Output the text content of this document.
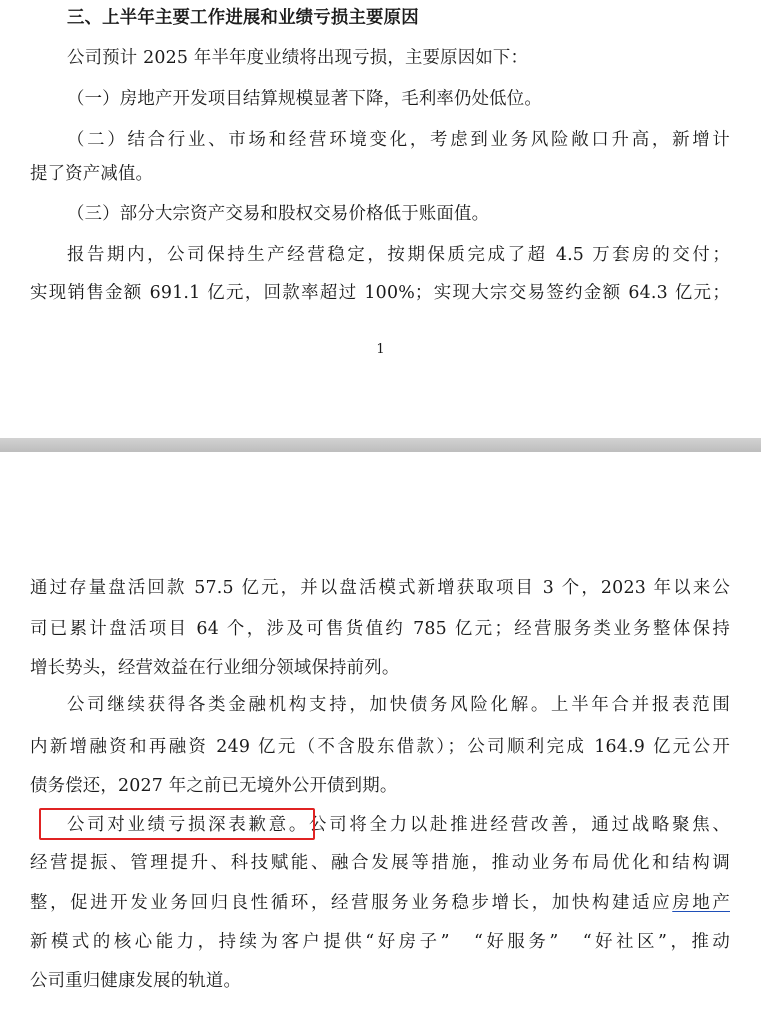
三、上半年主要工作进展和业绩亏损主要原因
公司预计 2025 年半年度业绩将出现亏损，主要原因如下：
（一）房地产开发项目结算规模显著下降，毛利率仍处低位。
（二）结合行业、市场和经营环境变化，考虑到业务风险敞口升高，新增计
提了资产减值。
（三）部分大宗资产交易和股权交易价格低于账面值。
报告期内，公司保持生产经营稳定，按期保质完成了超 4.5 万套房的交付；
实现销售金额 691.1 亿元，回款率超过 100%；实现大宗交易签约金额 64.3 亿元；
1
通过存量盘活回款 57.5 亿元，并以盘活模式新增获取项目 3 个，2023 年以来公
司已累计盘活项目 64 个，涉及可售货值约 785 亿元；经营服务类业务整体保持
增长势头，经营效益在行业细分领域保持前列。
公司继续获得各类金融机构支持，加快债务风险化解。上半年合并报表范围
内新增融资和再融资 249 亿元（不含股东借款）；公司顺利完成 164.9 亿元公开
债务偿还，2027 年之前已无境外公开债到期。
公司对业绩亏损深表歉意。公司将全力以赴推进经营改善，通过战略聚焦、
经营提振、管理提升、科技赋能、融合发展等措施，推动业务布局优化和结构调
整，促进开发业务回归良性循环，经营服务业务稳步增长，加快构建适应房地产
新模式的核心能力，持续为客户提供“好房子”　“好服务”　“好社区”，推动
公司重归健康发展的轨道。
